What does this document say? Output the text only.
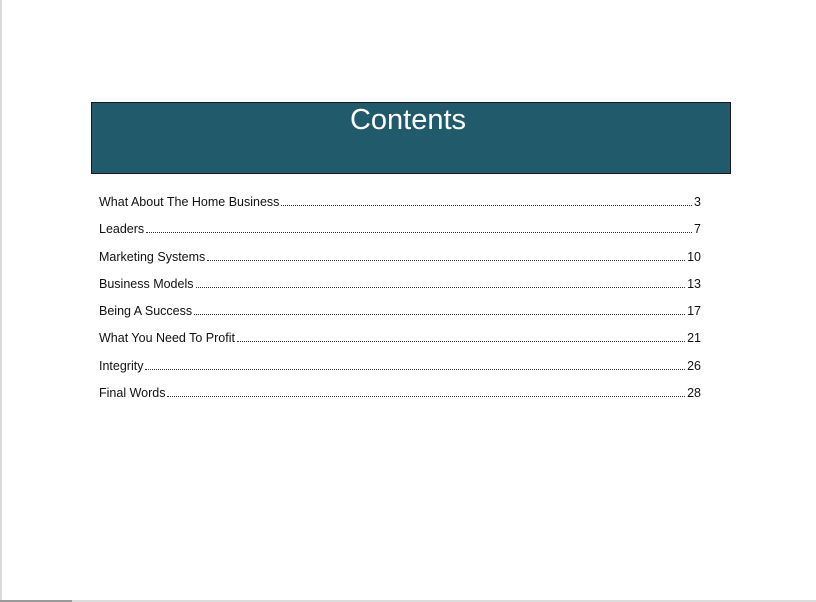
Contents
What About The Home Business	3
Leaders	7
Marketing Systems	10
Business Models	13
Being A Success	17
What You Need To Profit	21
Integrity	26
Final Words	28
